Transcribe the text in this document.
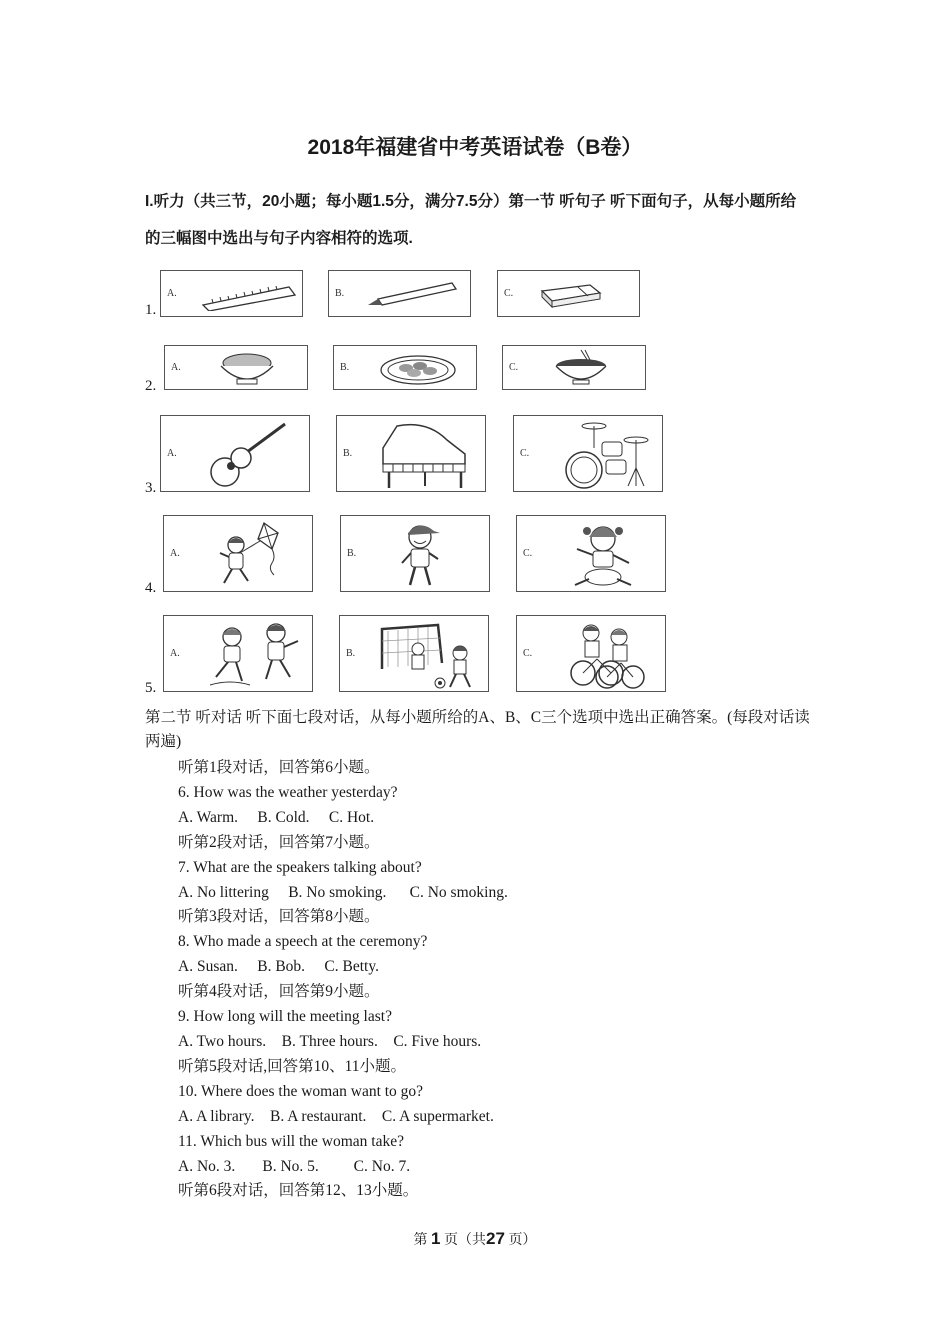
2018年福建省中考英语试卷（B卷）
I.听力（共三节，20小题；每小题1.5分，满分7.5分）第一节 听句子 听下面句子，从每小题所给的三幅图中选出与句子内容相符的选项.
1.
A.	B.	C.
2.
A.	B.	C.
3.
A.	B.	C.
4.
A.	B.	C.
5.
A.	B.	C.
第二节 听对话 听下面七段对话，从每小题所给的A、B、C三个选项中选出正确答案。(每段对话读两遍)
听第1段对话，回答第6小题。
6. How was the weather yesterday?
A. Warm.     B. Cold.     C. Hot.
听第2段对话，回答第7小题。
7. What are the speakers talking about?
A. No littering     B. No smoking.      C. No smoking.
听第3段对话，回答第8小题。
8. Who made a speech at the ceremony?
A. Susan.     B. Bob.     C. Betty.
听第4段对话，回答第9小题。
9. How long will the meeting last?
A. Two hours.    B. Three hours.    C. Five hours.
听第5段对话,回答第10、11小题。
10. Where does the woman want to go?
A. A library.    B. A restaurant.    C. A supermarket.
11. Which bus will the woman take?
A. No. 3.       B. No. 5.         C. No. 7.
听第6段对话，回答第12、13小题。
第 1 页（共27 页）
